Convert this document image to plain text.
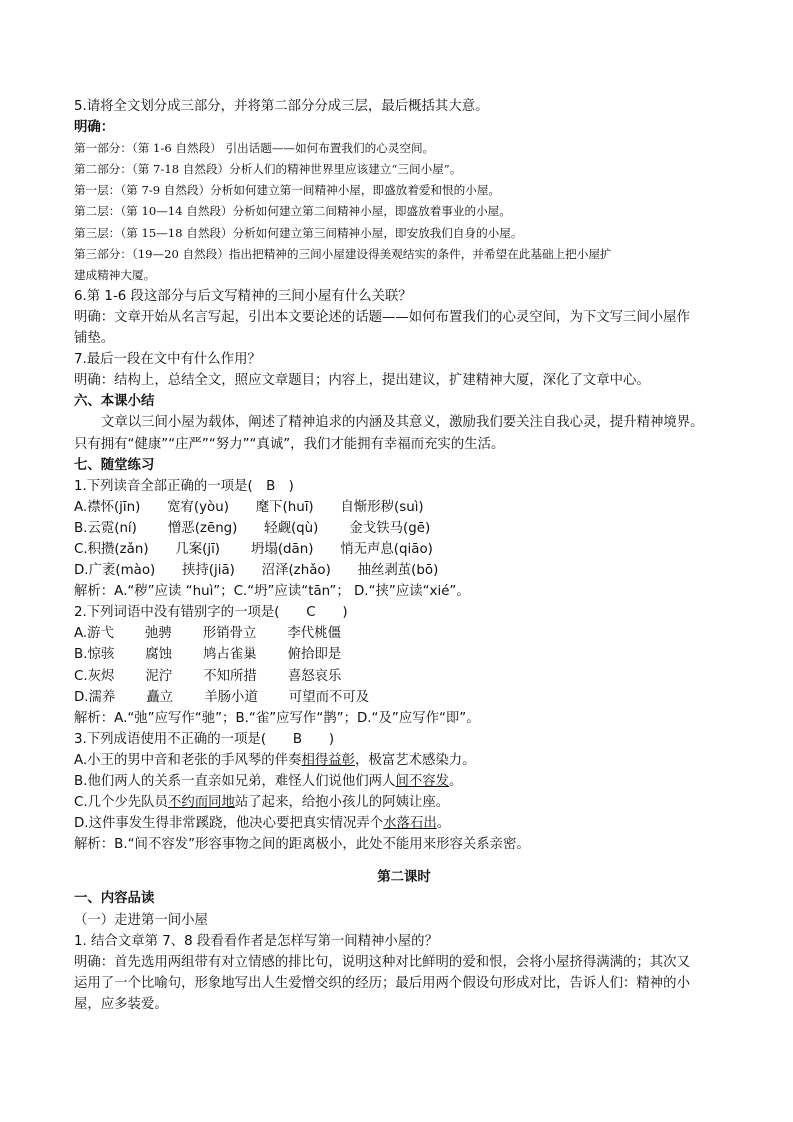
5.请将全文划分成三部分，并将第二部分分成三层，最后概括其大意。
明确：
第一部分：（第 1-6 自然段） 引出话题——如何布置我们的心灵空间。
第二部分：（第 7-18 自然段）分析人们的精神世界里应该建立“三间小屋”。
第一层：（第 7-9 自然段）分析如何建立第一间精神小屋，即盛放着爱和恨的小屋。
第二层：（第 10—14 自然段）分析如何建立第二间精神小屋，即盛放着事业的小屋。
第三层：（第 15—18 自然段）分析如何建立第三间精神小屋，即安放我们自身的小屋。
第三部分：（19—20 自然段）指出把精神的三间小屋建设得美观结实的条件，并希望在此基础上把小屋扩
建成精神大厦。
6.第 1-6 段这部分与后文写精神的三间小屋有什么关联？
明确：文章开始从名言写起，引出本文要论述的话题——如何布置我们的心灵空间，为下文写三间小屋作
铺垫。
7.最后一段在文中有什么作用？
明确：结构上，总结全文，照应文章题目；内容上，提出建议，扩建精神大厦，深化了文章中心。
六、本课小结
文章以三间小屋为载体，阐述了精神追求的内涵及其意义，激励我们要关注自我心灵，提升精神境界。
只有拥有“健康”“庄严”“努力”“真诚”，我们才能拥有幸福而充实的生活。
七、随堂练习
1.下列读音全部正确的一项是(　B　)
A.襟怀(jīn)　　宽宥(yòu)　　麾下(huī)　　自惭形秽(suì)
B.云霓(ní)　　 憎恶(zēng)　　轻觑(qù)　　 金戈铁马(gē)
C.积攒(zǎn)　　几案(jī)　　 坍塌(dān)　　悄无声息(qiāo)
D.广袤(mào)　　挟持(jiā)　　沼泽(zhǎo)　　抽丝剥茧(bō)
解析：A.“秽”应读 “huì”；C.“坍”应读“tān”； D.“挟”应读“xié”。
2.下列词语中没有错别字的一项是(　　C　　)
A.游弋　　 弛骋　　 形销骨立　　 李代桃僵
B.惊骇　　 腐蚀　　 鸠占雀巢　　 俯拾即是
C.灰烬　　 泥泞　　 不知所措　　 喜怒哀乐
D.濡养　　 矗立　　 羊肠小道　　 可望而不可及
解析：A.“弛”应写作“驰”；B.“雀”应写作“鹊”；D.“及”应写作“即”。
3.下列成语使用不正确的一项是(　　B　　)
A.小王的男中音和老张的手风琴的伴奏相得益彰，极富艺术感染力。
B.他们两人的关系一直亲如兄弟，难怪人们说他们两人间不容发。
C.几个少先队员不约而同地站了起来，给抱小孩儿的阿姨让座。
D.这件事发生得非常蹊跷，他决心要把真实情况弄个水落石出。
解析：B.“间不容发”形容事物之间的距离极小，此处不能用来形容关系亲密。
第二课时
一、内容品读
（一）走进第一间小屋
1. 结合文章第 7、8 段看看作者是怎样写第一间精神小屋的？
明确：首先选用两组带有对立情感的排比句，说明这种对比鲜明的爱和恨，会将小屋挤得满满的；其次又
运用了一个比喻句，形象地写出人生爱憎交织的经历；最后用两个假设句形成对比，告诉人们：精神的小
屋，应多装爱。
